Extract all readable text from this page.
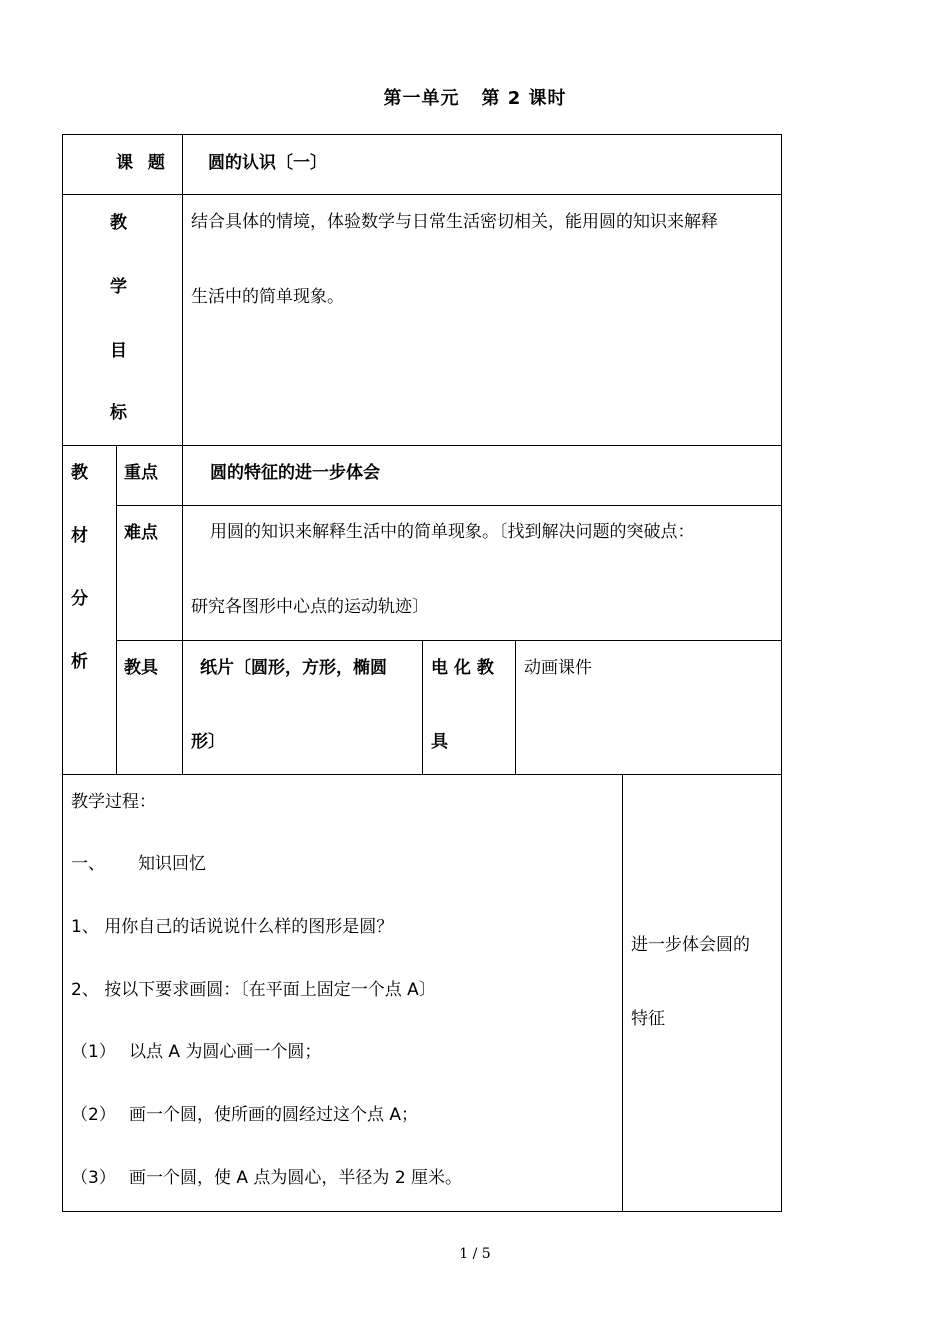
第一单元 第 2 课时
课  题 圆的认识〔一〕
教
学
目
标
结合具体的情境，体验数学与日常生活密切相关，能用圆的知识来解释
生活中的简单现象。
教
材
分
析
重点	圆的特征的进一步体会
难点	用圆的知识来解释生活中的简单现象。〔找到解决问题的突破点：
研究各图形中心点的运动轨迹〕
教具 纸片〔圆形，方形，椭圆
形〕
电 化 教
具
动画课件
教学过程：
一、 知识回忆
1、 用你自己的话说说什么样的图形是圆？
2、 按以下要求画圆：〔在平面上固定一个点 A〕
（1） 以点 A 为圆心画一个圆；
（2） 画一个圆，使所画的圆经过这个点 A；
（3） 画一个圆，使 A 点为圆心，半径为 2 厘米。
进一步体会圆的
特征
1 / 5
